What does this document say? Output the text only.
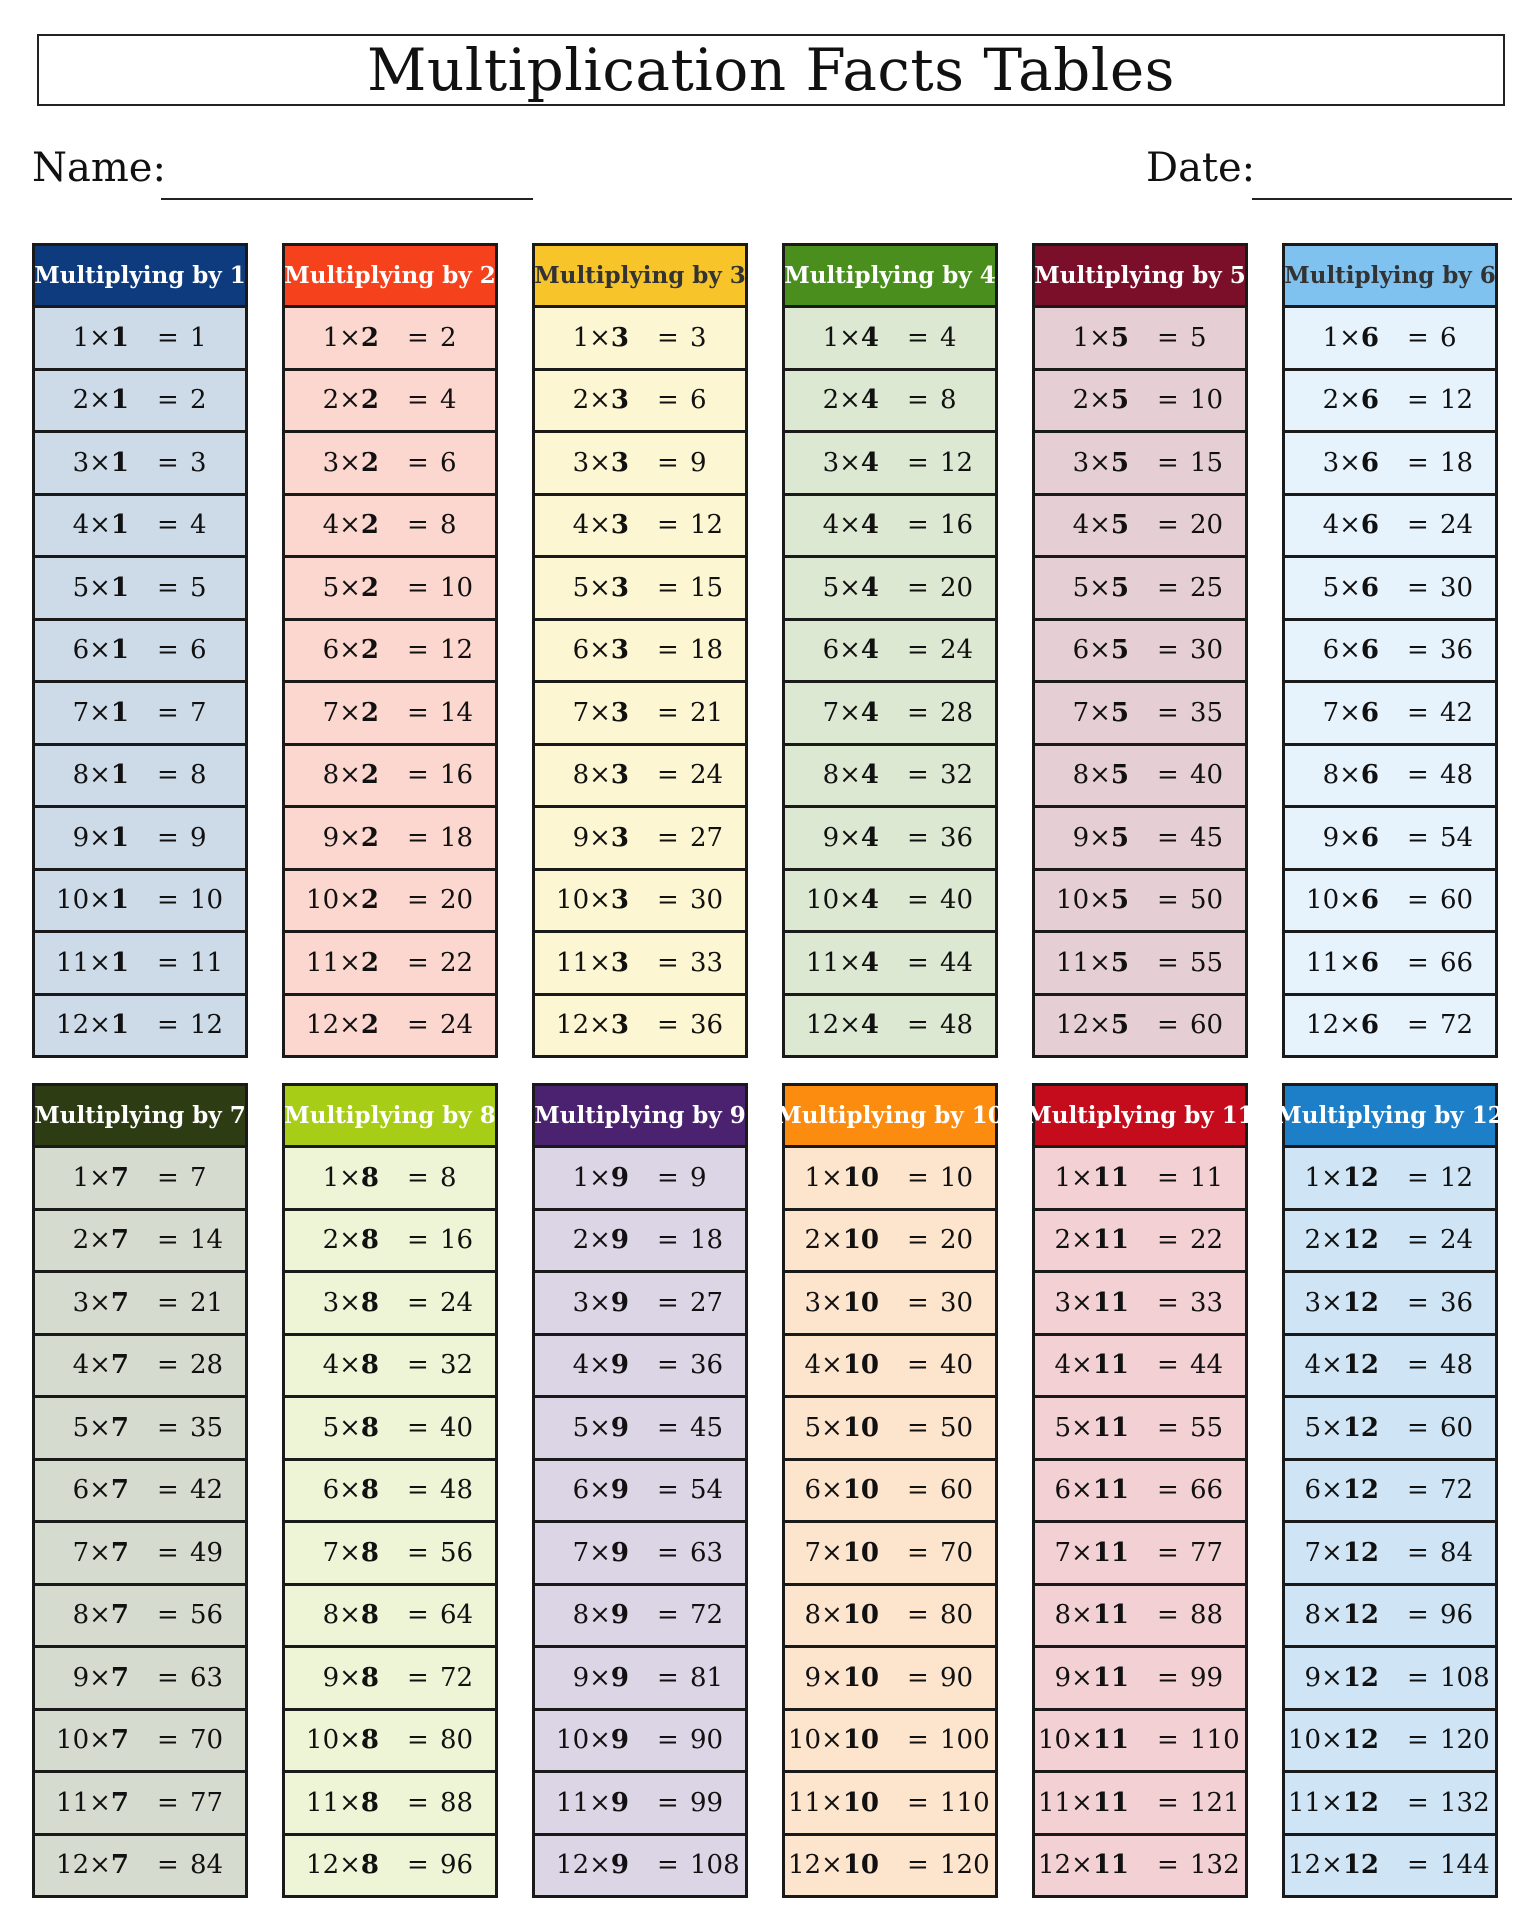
Multiplication Facts Tables
Name:	Date:
Multiplying by 1
1×1 = 1
2×1 = 2
3×1 = 3
4×1 = 4
5×1 = 5
6×1 = 6
7×1 = 7
8×1 = 8
9×1 = 9
10×1 = 10
11×1 = 11
12×1 = 12
Multiplying by 2
1×2 = 2
2×2 = 4
3×2 = 6
4×2 = 8
5×2 = 10
6×2 = 12
7×2 = 14
8×2 = 16
9×2 = 18
10×2 = 20
11×2 = 22
12×2 = 24
Multiplying by 3
1×3 = 3
2×3 = 6
3×3 = 9
4×3 = 12
5×3 = 15
6×3 = 18
7×3 = 21
8×3 = 24
9×3 = 27
10×3 = 30
11×3 = 33
12×3 = 36
Multiplying by 4
1×4 = 4
2×4 = 8
3×4 = 12
4×4 = 16
5×4 = 20
6×4 = 24
7×4 = 28
8×4 = 32
9×4 = 36
10×4 = 40
11×4 = 44
12×4 = 48
Multiplying by 5
1×5 = 5
2×5 = 10
3×5 = 15
4×5 = 20
5×5 = 25
6×5 = 30
7×5 = 35
8×5 = 40
9×5 = 45
10×5 = 50
11×5 = 55
12×5 = 60
Multiplying by 6
1×6 = 6
2×6 = 12
3×6 = 18
4×6 = 24
5×6 = 30
6×6 = 36
7×6 = 42
8×6 = 48
9×6 = 54
10×6 = 60
11×6 = 66
12×6 = 72
Multiplying by 7
1×7 = 7
2×7 = 14
3×7 = 21
4×7 = 28
5×7 = 35
6×7 = 42
7×7 = 49
8×7 = 56
9×7 = 63
10×7 = 70
11×7 = 77
12×7 = 84
Multiplying by 8
1×8 = 8
2×8 = 16
3×8 = 24
4×8 = 32
5×8 = 40
6×8 = 48
7×8 = 56
8×8 = 64
9×8 = 72
10×8 = 80
11×8 = 88
12×8 = 96
Multiplying by 9
1×9 = 9
2×9 = 18
3×9 = 27
4×9 = 36
5×9 = 45
6×9 = 54
7×9 = 63
8×9 = 72
9×9 = 81
10×9 = 90
11×9 = 99
12×9 = 108
Multiplying by 10
1×10 = 10
2×10 = 20
3×10 = 30
4×10 = 40
5×10 = 50
6×10 = 60
7×10 = 70
8×10 = 80
9×10 = 90
10×10 = 100
11×10 = 110
12×10 = 120
Multiplying by 11
1×11 = 11
2×11 = 22
3×11 = 33
4×11 = 44
5×11 = 55
6×11 = 66
7×11 = 77
8×11 = 88
9×11 = 99
10×11 = 110
11×11 = 121
12×11 = 132
Multiplying by 12
1×12 = 12
2×12 = 24
3×12 = 36
4×12 = 48
5×12 = 60
6×12 = 72
7×12 = 84
8×12 = 96
9×12 = 108
10×12 = 120
11×12 = 132
12×12 = 144
